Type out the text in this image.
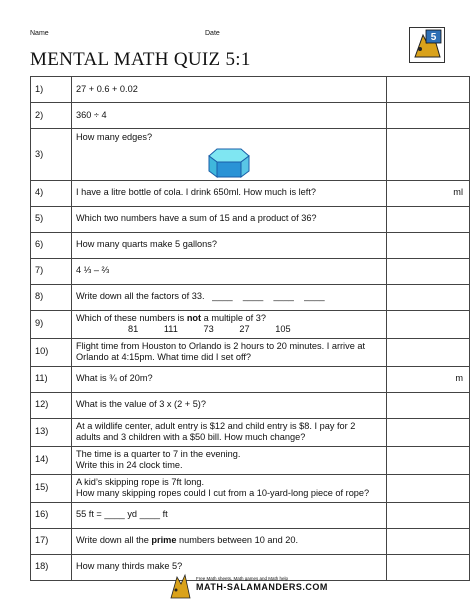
Name	Date
MENTAL MATH QUIZ 5:1
5
1)	27 + 0.6 + 0.02	
2)	360 ÷ 4	
3)	How many edges?	

4)	I have a litre bottle of cola. I drink 650ml. How much is left?	ml
5)	Which two numbers have a sum of 15 and a product of 36?	
6)	How many quarts make 5 gallons?	
7)	4 ⅓ – ⅔	
8)	Write down all the factors of 33.   ____    ____    ____    ____	
9)	Which of these numbers is not a multiple of 3?
81   111   73   27   105	

10)	Flight time from Houston to Orlando is 2 hours to 20 minutes. I arrive at
Orlando at 4:15pm. What time did I set off?	

11)	What is ¾ of 20m?	m
12)	What is the value of 3 x (2 + 5)?	
13)	At a wildlife center, adult entry is $12 and child entry is $8. I pay for 2
adults and 3 children with a $50 bill. How much change?	

14)	The time is a quarter to 7 in the evening.
Write this in 24 clock time.	

15)	A kid’s skipping rope is 7ft long.
How many skipping ropes could I cut from a 10-yard-long piece of rope?	

16)	55 ft = ____ yd ____ ft	
17)	Write down all the prime numbers between 10 and 20.	
18)	How many thirds make 5?	
Free Math sheets, Math games and Math help
MATH-SALAMANDERS.COM
